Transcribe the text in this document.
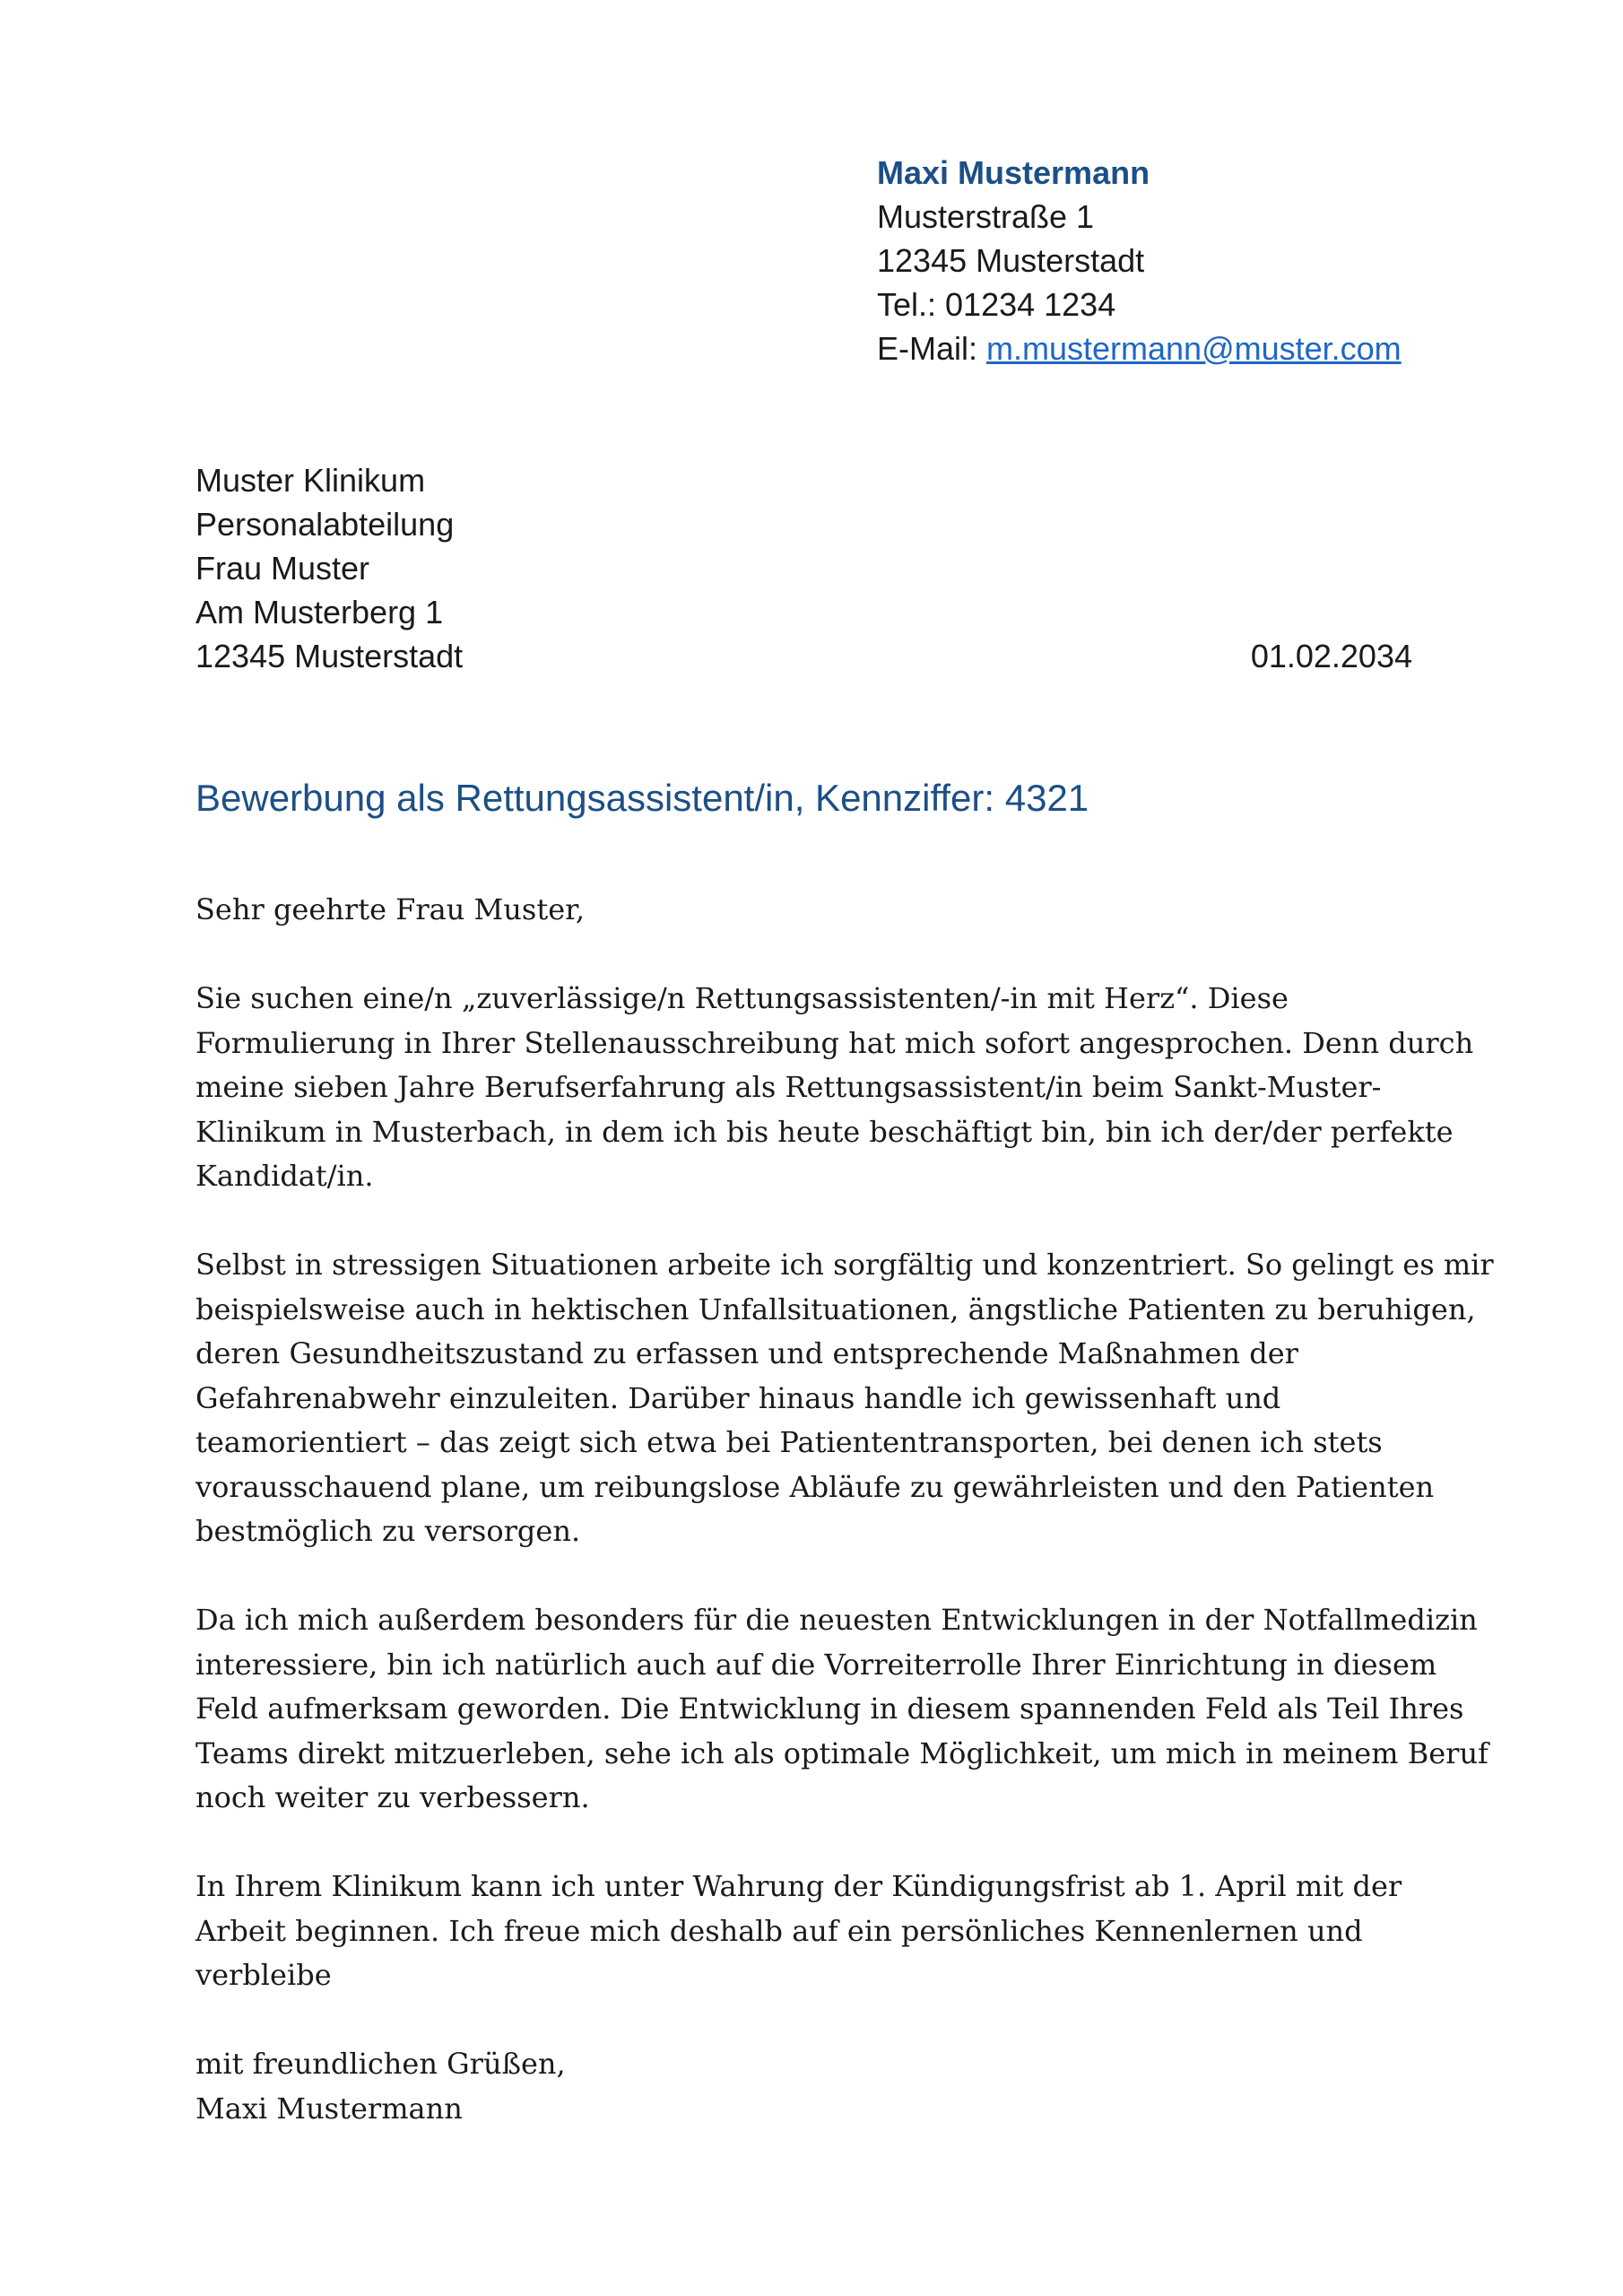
Maxi Mustermann
Musterstraße 1
12345 Musterstadt
Tel.: 01234 1234
E-Mail: m.mustermann@muster.com
Muster Klinikum
Personalabteilung
Frau Muster
Am Musterberg 1
12345 Musterstadt	01.02.2034
Bewerbung als Rettungsassistent/in, Kennziffer: 4321

Sehr geehrte Frau Muster,

Sie suchen eine/n „zuverlässige/n Rettungsassistenten/-in mit Herz“. Diese
Formulierung in Ihrer Stellenausschreibung hat mich sofort angesprochen. Denn durch
meine sieben Jahre Berufserfahrung als Rettungsassistent/in beim Sankt-Muster-
Klinikum in Musterbach, in dem ich bis heute beschäftigt bin, bin ich der/der perfekte
Kandidat/in.

Selbst in stressigen Situationen arbeite ich sorgfältig und konzentriert. So gelingt es mir
beispielsweise auch in hektischen Unfallsituationen, ängstliche Patienten zu beruhigen,
deren Gesundheitszustand zu erfassen und entsprechende Maßnahmen der
Gefahrenabwehr einzuleiten. Darüber hinaus handle ich gewissenhaft und
teamorientiert – das zeigt sich etwa bei Patiententransporten, bei denen ich stets
vorausschauend plane, um reibungslose Abläufe zu gewährleisten und den Patienten
bestmöglich zu versorgen.

Da ich mich außerdem besonders für die neuesten Entwicklungen in der Notfallmedizin
interessiere, bin ich natürlich auch auf die Vorreiterrolle Ihrer Einrichtung in diesem
Feld aufmerksam geworden. Die Entwicklung in diesem spannenden Feld als Teil Ihres
Teams direkt mitzuerleben, sehe ich als optimale Möglichkeit, um mich in meinem Beruf
noch weiter zu verbessern.

In Ihrem Klinikum kann ich unter Wahrung der Kündigungsfrist ab 1. April mit der
Arbeit beginnen. Ich freue mich deshalb auf ein persönliches Kennenlernen und
verbleibe

mit freundlichen Grüßen,
Maxi Mustermann
